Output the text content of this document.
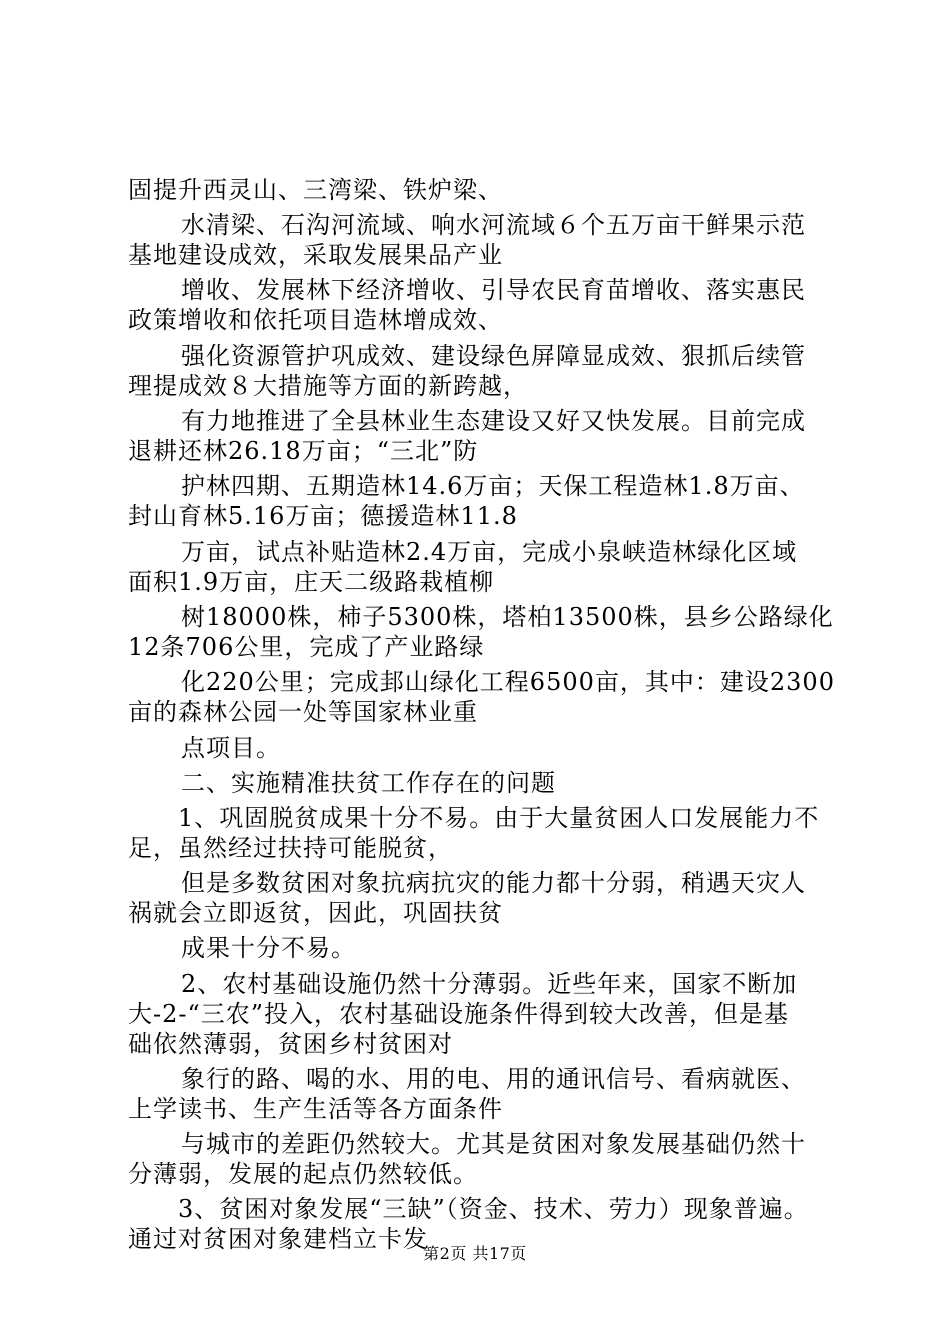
固提升西灵山、三湾梁、铁炉梁、
水清梁、石沟河流域、响水河流域６个五万亩干鲜果示范
基地建设成效，采取发展果品产业
增收、发展林下经济增收、引导农民育苗增收、落实惠民
政策增收和依托项目造林增成效、
强化资源管护巩成效、建设绿色屏障显成效、狠抓后续管
理提成效８大措施等方面的新跨越，
有力地推进了全县林业生态建设又好又快发展。目前完成
退耕还林26.18万亩；“三北”防
护林四期、五期造林14.6万亩；天保工程造林1.8万亩、
封山育林5.16万亩；德援造林11.8
万亩，试点补贴造林2.4万亩，完成小泉峡造林绿化区域
面积1.9万亩，庄天二级路栽植柳
树18000株，柿子5300株，塔柏13500株，县乡公路绿化
12条706公里，完成了产业路绿
化220公里；完成邽山绿化工程6500亩，其中：建设2300
亩的森林公园一处等国家林业重
点项目。
二、实施精准扶贫工作存在的问题
1、巩固脱贫成果十分不易。由于大量贫困人口发展能力不
足，虽然经过扶持可能脱贫，
但是多数贫困对象抗病抗灾的能力都十分弱，稍遇天灾人
祸就会立即返贫，因此，巩固扶贫
成果十分不易。
2、农村基础设施仍然十分薄弱。近些年来，国家不断加
大-2-“三农”投入，农村基础设施条件得到较大改善，但是基
础依然薄弱，贫困乡村贫困对
象行的路、喝的水、用的电、用的通讯信号、看病就医、
上学读书、生产生活等各方面条件
与城市的差距仍然较大。尤其是贫困对象发展基础仍然十
分薄弱，发展的起点仍然较低。
3、贫困对象发展“三缺”（资金、技术、劳力）现象普遍。
通过对贫困对象建档立卡发
第2页 共17页
